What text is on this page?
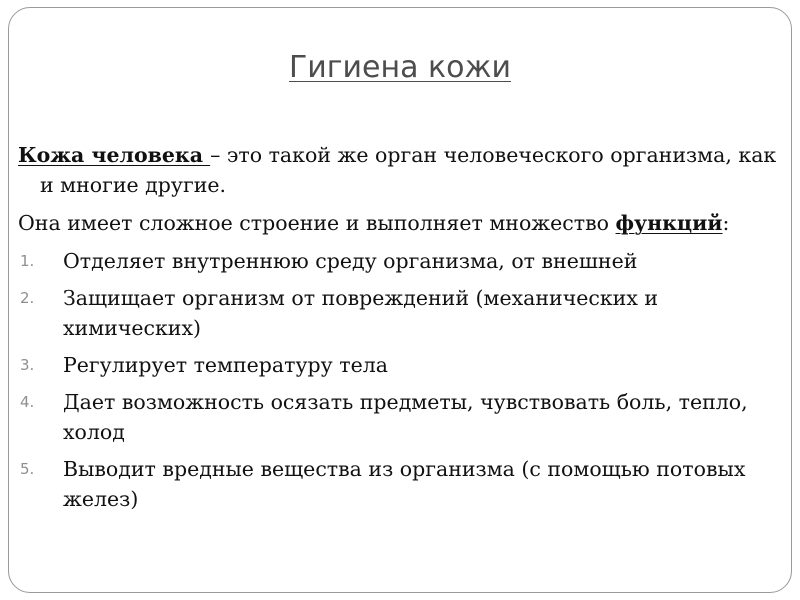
Гигиена кожи
Кожа человека – это такой же орган человеческого организма, как и многие другие.
Она имеет сложное строение и выполняет множество функций:
1. Отделяет внутреннюю среду организма, от внешней
2. Защищает организм от повреждений (механических и химических)
3. Регулирует температуру тела
4. Дает возможность осязать предметы, чувствовать боль, тепло, холод
5. Выводит вредные вещества из организма (с помощью потовых желез)
